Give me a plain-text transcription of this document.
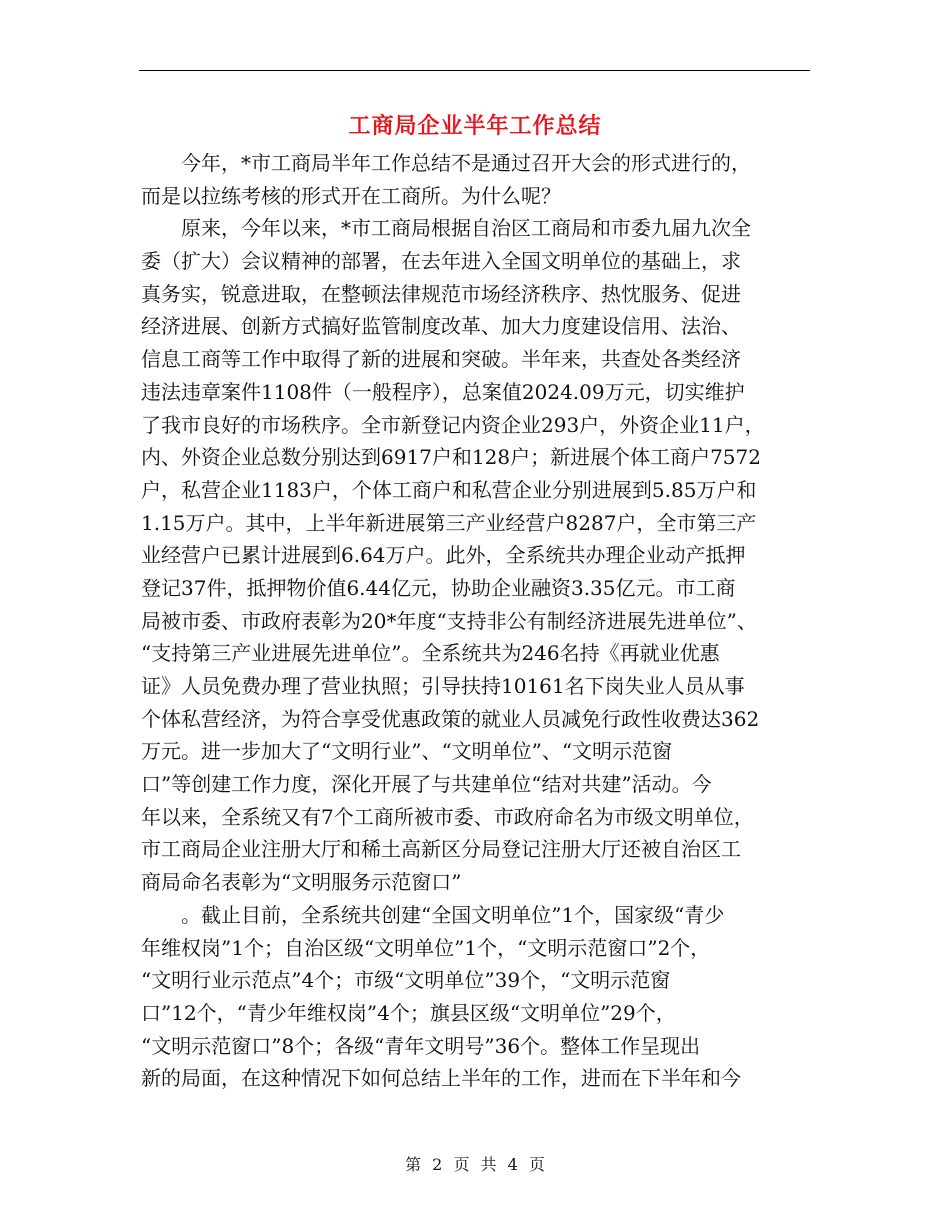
工商局企业半年工作总结
　　今年，*市工商局半年工作总结不是通过召开大会的形式进行的，
而是以拉练考核的形式开在工商所。为什么呢？
　　原来，今年以来，*市工商局根据自治区工商局和市委九届九次全
委（扩大）会议精神的部署，在去年进入全国文明单位的基础上，求
真务实，锐意进取，在整顿法律规范市场经济秩序、热忱服务、促进
经济进展、创新方式搞好监管制度改革、加大力度建设信用、法治、
信息工商等工作中取得了新的进展和突破。半年来，共查处各类经济
违法违章案件1108件（一般程序），总案值2024.09万元，切实维护
了我市良好的市场秩序。全市新登记内资企业293户，外资企业11户，
内、外资企业总数分别达到6917户和128户；新进展个体工商户7572
户，私营企业1183户，个体工商户和私营企业分别进展到5.85万户和
1.15万户。其中，上半年新进展第三产业经营户8287户，全市第三产
业经营户已累计进展到6.64万户。此外，全系统共办理企业动产抵押
登记37件，抵押物价值6.44亿元，协助企业融资3.35亿元。市工商
局被市委、市政府表彰为20*年度“支持非公有制经济进展先进单位”、
“支持第三产业进展先进单位”。全系统共为246名持《再就业优惠
证》人员免费办理了营业执照；引导扶持10161名下岗失业人员从事
个体私营经济，为符合享受优惠政策的就业人员减免行政性收费达362
万元。进一步加大了“文明行业”、“文明单位”、“文明示范窗
口”等创建工作力度，深化开展了与共建单位“结对共建”活动。今
年以来，全系统又有7个工商所被市委、市政府命名为市级文明单位，
市工商局企业注册大厅和稀土高新区分局登记注册大厅还被自治区工
商局命名表彰为“文明服务示范窗口”
　　。截止目前，全系统共创建“全国文明单位”1个，国家级“青少
年维权岗”1个；自治区级“文明单位”1个，“文明示范窗口”2个，
“文明行业示范点”4个；市级“文明单位”39个，“文明示范窗
口”12个，“青少年维权岗”4个；旗县区级“文明单位”29个，
“文明示范窗口”8个；各级“青年文明号”36个。整体工作呈现出
新的局面，在这种情况下如何总结上半年的工作，进而在下半年和今
第 2 页 共 4 页
